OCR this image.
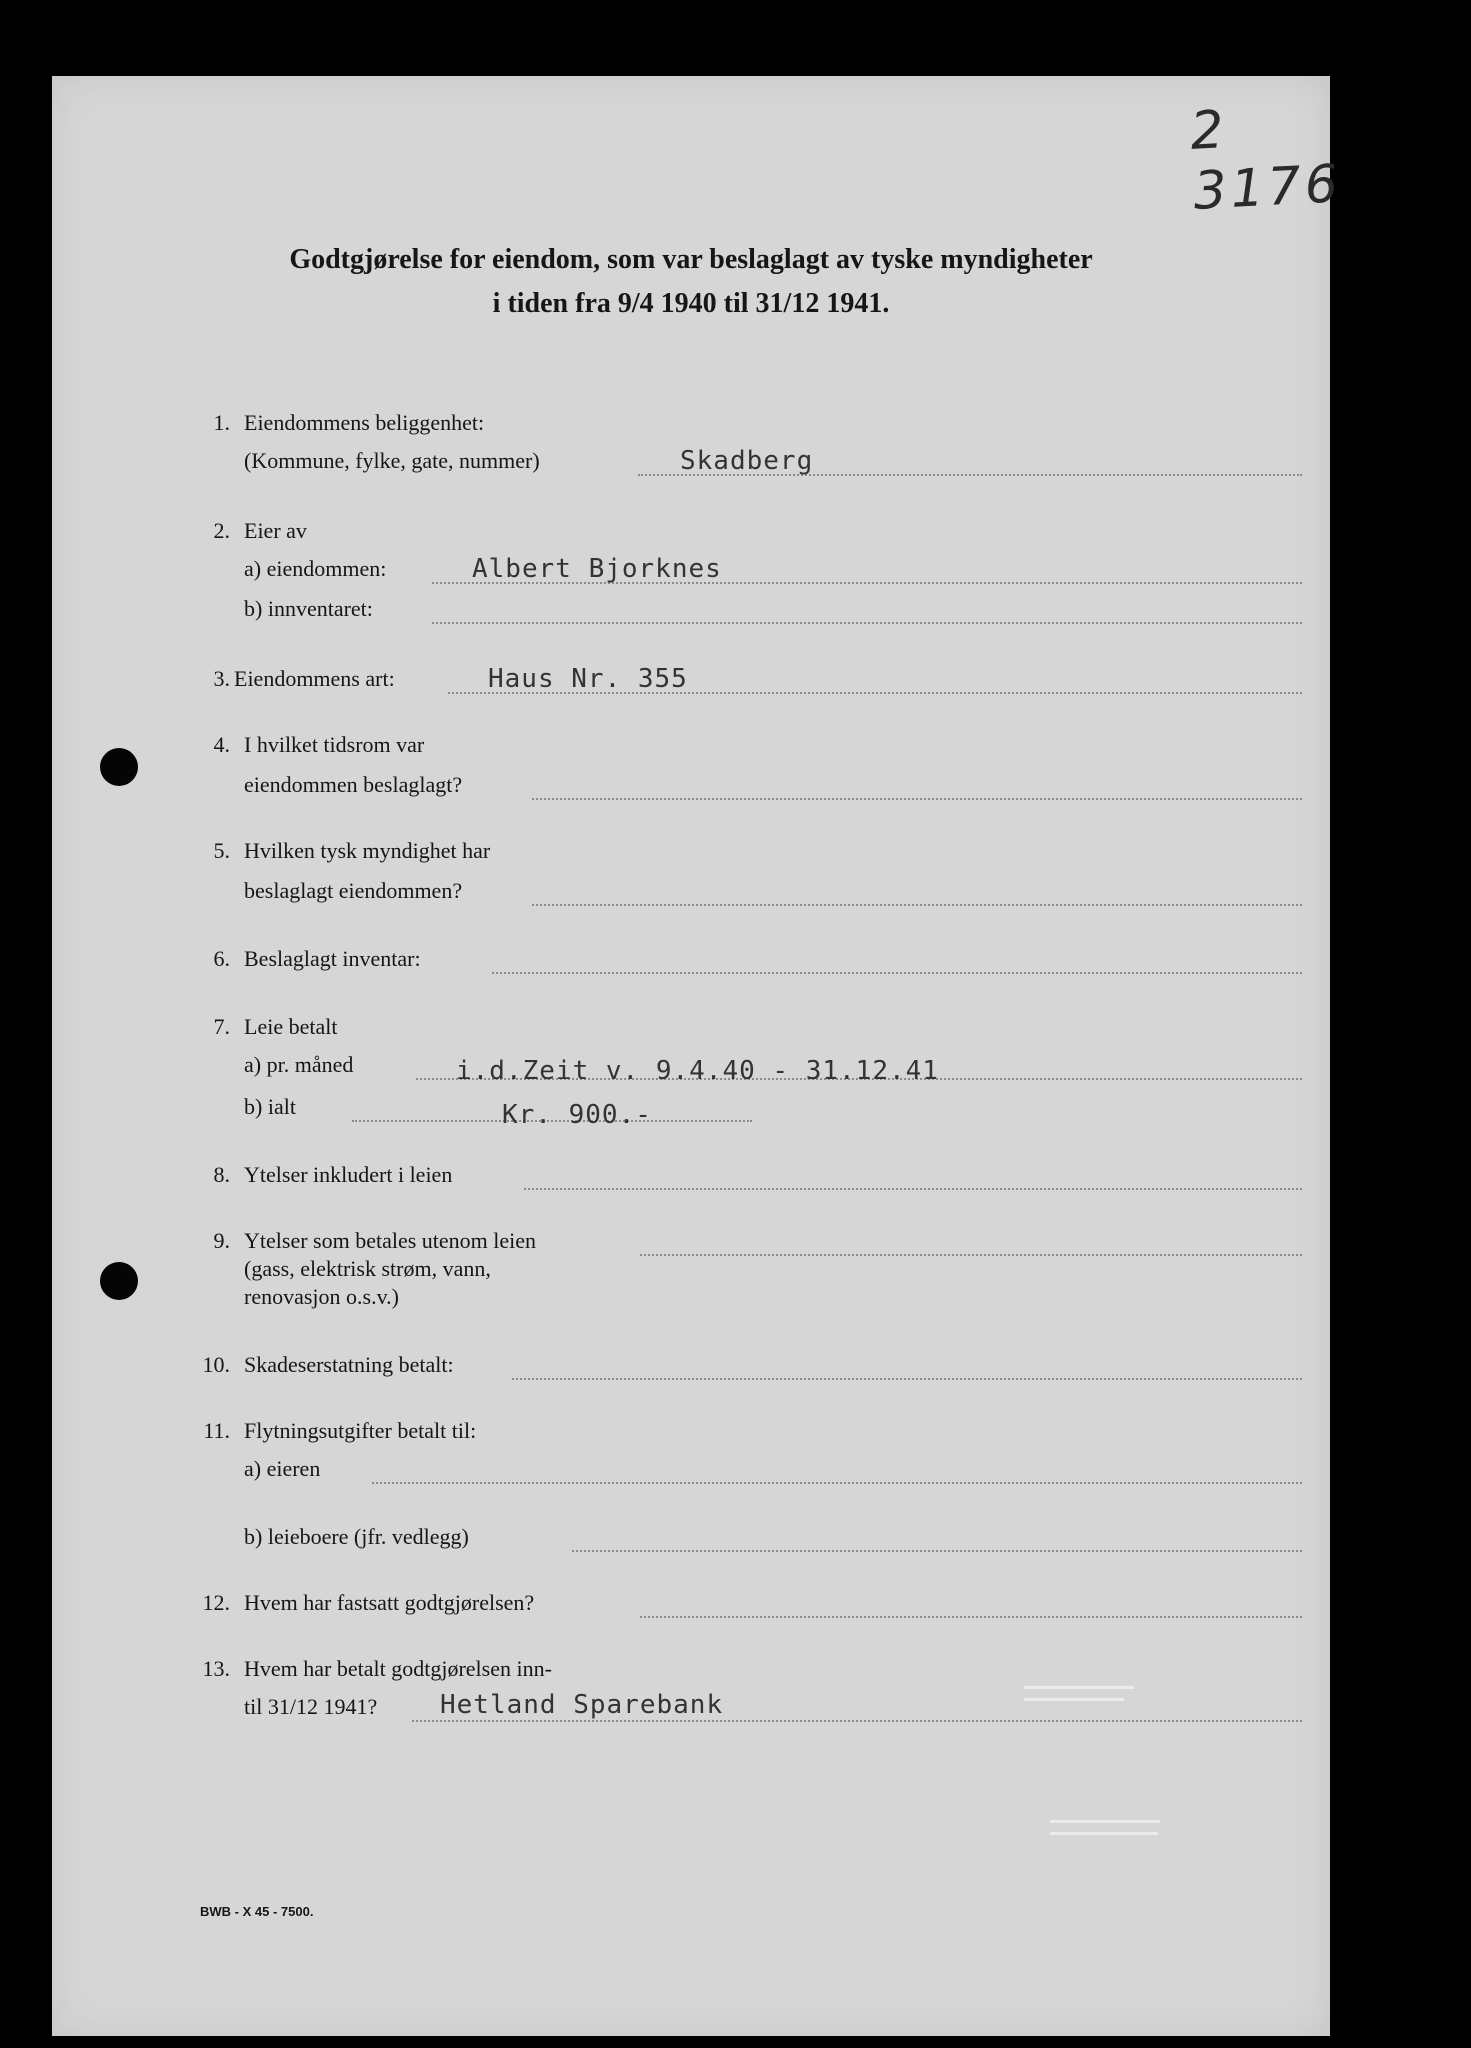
2 3176
Godtgjørelse for eiendom, som var beslaglagt av tyske myndigheter
i tiden fra 9/4 1940 til 31/12 1941.
1. Eiendommens beliggenhet:
(Kommune, fylke, gate, nummer)	Skadberg
2. Eier av
a) eiendommen:	Albert Bjorknes
b) innventaret:
3. Eiendommens art:	Haus Nr. 355
4. I hvilket tidsrom var
eiendommen beslaglagt?
5. Hvilken tysk myndighet har
beslaglagt eiendommen?
6. Beslaglagt inventar:
7. Leie betalt
a) pr. måned	i.d.Zeit v. 9.4.40 - 31.12.41
b) ialt	Kr. 900.-
8. Ytelser inkludert i leien
9. Ytelser som betales utenom leien
(gass, elektrisk strøm, vann,
renovasjon o.s.v.)
10. Skadeserstatning betalt:
11. Flytningsutgifter betalt til:
a) eieren
b) leieboere (jfr. vedlegg)
12. Hvem har fastsatt godtgjørelsen?
13. Hvem har betalt godtgjørelsen inn-
til 31/12 1941? Hetland Sparebank
BWB - X 45 - 7500.
